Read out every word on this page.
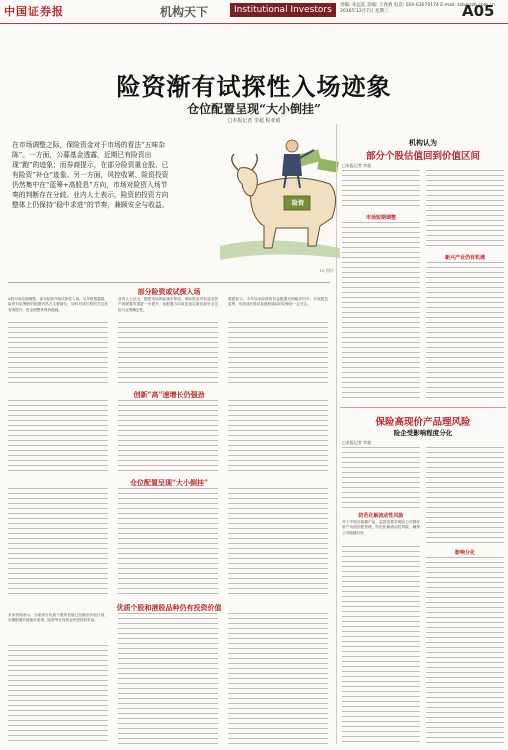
中国证券报	机构天下	Institutional Investors	责编: 朱远征 美编: 王春燕 电话: 010-63070174 E-mail: zzb@zzb.com.cn
2016年12月7日 星期三	A05
险资渐有试探性入场迹象
仓位配置呈现“大小倒挂”
□本报记者 李超 程亚娟
在市场调整之际，保险资金对于市场的看法“五味杂陈”。一方面，公募基金透露，近期已有险资出现“跑”的迹象；而券商提示，在部分险资重仓股、已有险资“补仓”迹象。另一方面，风控收紧、险资投资仍然集中在“蓝筹+高股息”方向，市场对险资入场节奏的判断存在分歧。业内人士表示，险资的投资方向整体上仍保持“稳中求进”的节奏，兼顾安全与收益。	险资
IC 图片
部分险资或试探入场
A股市场近期调整，部分险资开始试探性入场。从年报数据看，险资对蓝筹股的配置仍然占主要地位，同时对成长股的关注度有所提升，资金面整体保持稳健。
业内人士认为，随着市场风险逐步释放，保险资金对权益类资产的配置有望进一步提升，而配置方向将更加注重估值安全边际与业绩确定性。
数据显示，今年以来险资的权益配置比例稳步回升，对高股息蓝筹、优质成长股以及港股通标的均保持一定关注。
创新“高”速增长仍强劲
仓位配置呈现“大小倒挂”
优质个股和港股品种仍有投资价值
多家机构表示，当前部分优质个股的估值已回落至价值区间，长期配置价值逐步显现，险资等长线资金有望择机布局。
机构认为
部分个股估值回到价值区间
□本报记者 李超
市场短期调整
新兴产业仍有机遇
保险高现价产品理风险
险企受影响程度分化
□本报记者 李超
防范化解流动性风险
对于中短存续期产品，监管层要求保险公司做好资产负债匹配管理，防范化解流动性风险，确保公司稳健经营。
影响分化
